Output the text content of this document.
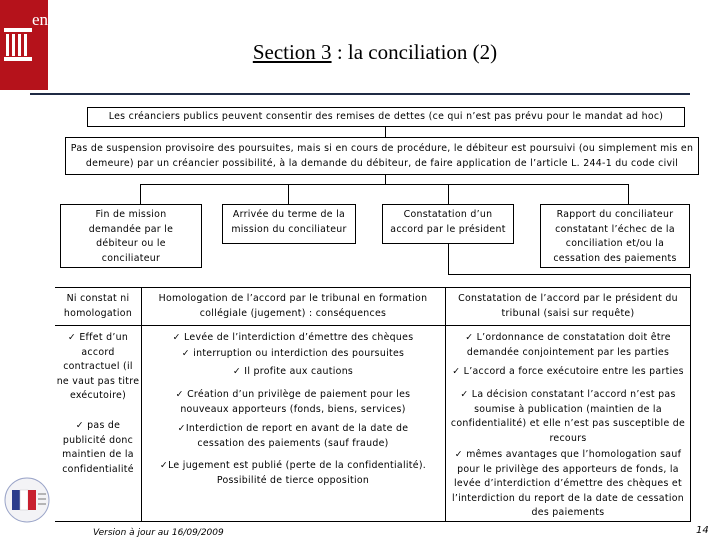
enm
Section 3 : la conciliation (2)
Les créanciers publics peuvent consentir des remises de dettes (ce qui n’est pas prévu pour le mandat ad hoc)
Pas de suspension provisoire des poursuites, mais si en cours de procédure, le débiteur est poursuivi (ou simplement mis en demeure) par un créancier possibilité, à la demande du débiteur, de faire application de l’article L. 244-1 du code civil
Fin de mission demandée par le débiteur ou le conciliateur
Arrivée du terme de la mission du conciliateur
Constatation d’un accord par le président
Rapport du conciliateur constatant l’échec de la conciliation et/ou la cessation des paiements
Ni constat ni homologation
Homologation de l’accord par le tribunal en formation collégiale (jugement) : conséquences
Constatation de l’accord par le président du tribunal (saisi sur requête)
✓ Effet d’un accord contractuel (il ne vaut pas titre exécutoire)
✓ pas de publicité donc maintien de la confidentialité
✓ Levée de l’interdiction d’émettre des chèques
✓ interruption ou interdiction des poursuites
✓ Il profite aux cautions
✓ Création d’un privilège de paiement pour les nouveaux apporteurs (fonds, biens, services)
✓Interdiction de report en avant de la date de cessation des paiements (sauf fraude)
✓Le jugement est publié (perte de la confidentialité). Possibilité de tierce opposition
✓ L’ordonnance de constatation doit être demandée conjointement par les parties
✓ L’accord a force exécutoire entre les parties
✓ La décision constatant l’accord n’est pas soumise à publication (maintien de la confidentialité) et elle n’est pas susceptible de recours
✓ mêmes avantages que l’homologation sauf pour le privilège des apporteurs de fonds, la levée d’interdiction d’émettre des chèques et l’interdiction du report de la date de cessation des paiements
Version à jour au 16/09/2009	14
